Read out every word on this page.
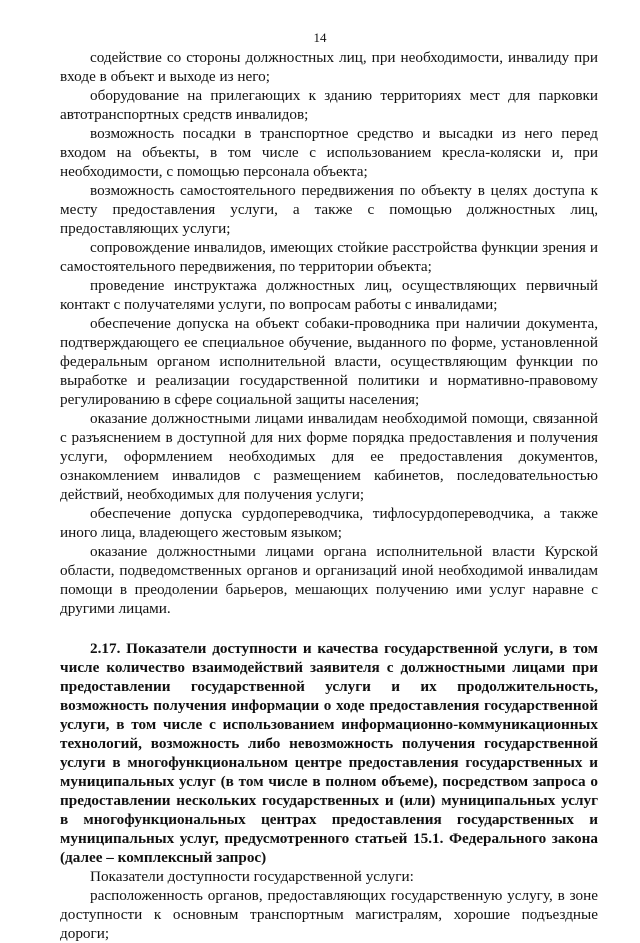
14

содействие со стороны должностных лиц, при необходимости, инвалиду при входе в объект и выходе из него;

оборудование на прилегающих к зданию территориях мест для парковки автотранспортных средств инвалидов;

возможность посадки в транспортное средство и высадки из него перед входом на объекты, в том числе с использованием кресла-коляски и, при необходимости, с помощью персонала объекта;

возможность самостоятельного передвижения по объекту в целях доступа к месту предоставления услуги, а также с помощью должностных лиц, предоставляющих услуги;

сопровождение инвалидов, имеющих стойкие расстройства функции зрения и самостоятельного передвижения, по территории объекта;

проведение инструктажа должностных лиц, осуществляющих первичный контакт с получателями услуги, по вопросам работы с инвалидами;

обеспечение допуска на объект собаки-проводника при наличии документа, подтверждающего ее специальное обучение, выданного по форме, установленной федеральным органом исполнительной власти, осуществляющим функции по выработке и реализации государственной политики и нормативно-правовому регулированию в сфере социальной защиты населения;

оказание должностными лицами инвалидам необходимой помощи, связанной с разъяснением в доступной для них форме порядка предоставления и получения услуги, оформлением необходимых для ее предоставления документов, ознакомлением инвалидов с размещением кабинетов, последовательностью действий, необходимых для получения услуги;

обеспечение допуска сурдопереводчика, тифлосурдопереводчика, а также иного лица, владеющего жестовым языком;

оказание должностными лицами органа исполнительной власти Курской области, подведомственных органов и организаций иной необходимой инвалидам помощи в преодолении барьеров, мешающих получению ими услуг наравне с другими лицами.

2.17. Показатели доступности и качества государственной услуги, в том числе количество взаимодействий заявителя с должностными лицами при предоставлении государственной услуги и их продолжительность, возможность получения информации о ходе предоставления государственной услуги, в том числе с использованием информационно-коммуникационных технологий, возможность либо невозможность получения государственной услуги в многофункциональном центре предоставления государственных и муниципальных услуг (в том числе в полном объеме), посредством запроса о предоставлении нескольких государственных и (или) муниципальных услуг в многофункциональных центрах предоставления государственных и муниципальных услуг, предусмотренного статьей 15.1. Федерального закона (далее – комплексный запрос)

Показатели доступности государственной услуги:

расположенность органов, предоставляющих государственную услугу, в зоне доступности к основным транспортным магистралям, хорошие подъездные дороги;
